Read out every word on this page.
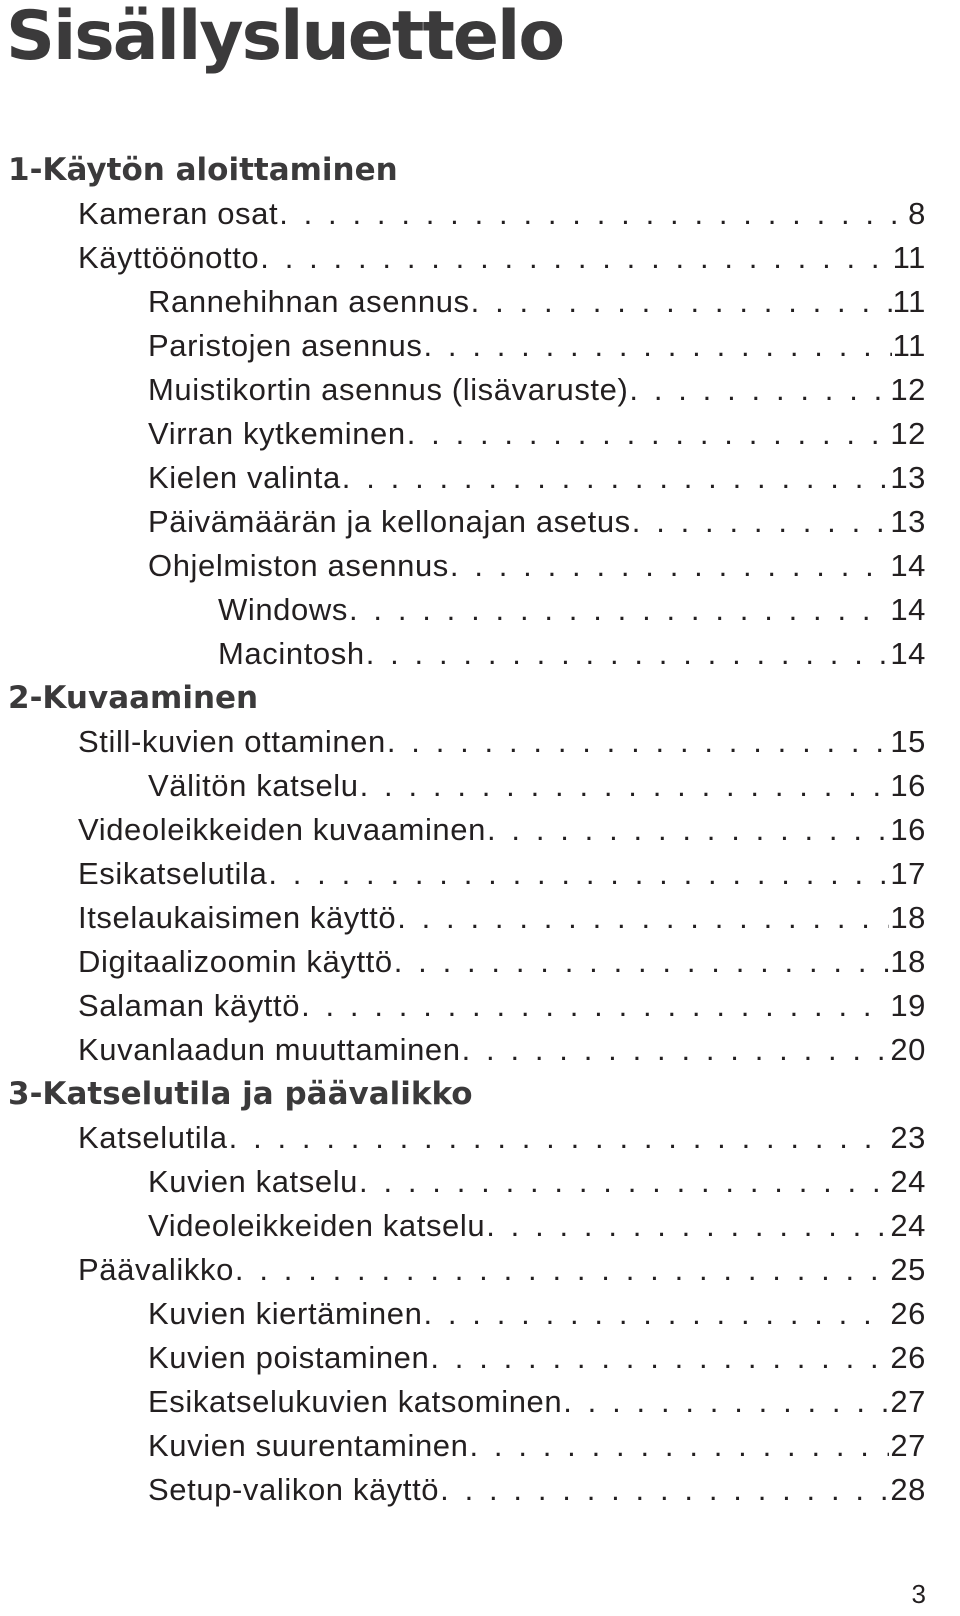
Sisällysluettelo
1-Käytön aloittaminen
Kameran osat . . .	8
Käyttöönotto . . .	11
Rannehihnan asennus . . .	11
Paristojen asennus . . .	11
Muistikortin asennus (lisävaruste) . . .	12
Virran kytkeminen . . .	12
Kielen valinta . . .	13
Päivämäärän ja kellonajan asetus . . .	13
Ohjelmiston asennus . . .	14
Windows . . .	14
Macintosh . . .	14
2-Kuvaaminen
Still-kuvien ottaminen . . .	15
Välitön katselu . . .	16
Videoleikkeiden kuvaaminen . . .	16
Esikatselutila . . .	17
Itselaukaisimen käyttö . . .	18
Digitaalizoomin käyttö . . .	18
Salaman käyttö . . .	19
Kuvanlaadun muuttaminen . . .	20
3-Katselutila ja päävalikko
Katselutila . . .	23
Kuvien katselu . . .	24
Videoleikkeiden katselu . . .	24
Päävalikko . . .	25
Kuvien kiertäminen . . .	26
Kuvien poistaminen . . .	26
Esikatselukuvien katsominen . . .	27
Kuvien suurentaminen . . .	27
Setup-valikon käyttö . . .	28
3
